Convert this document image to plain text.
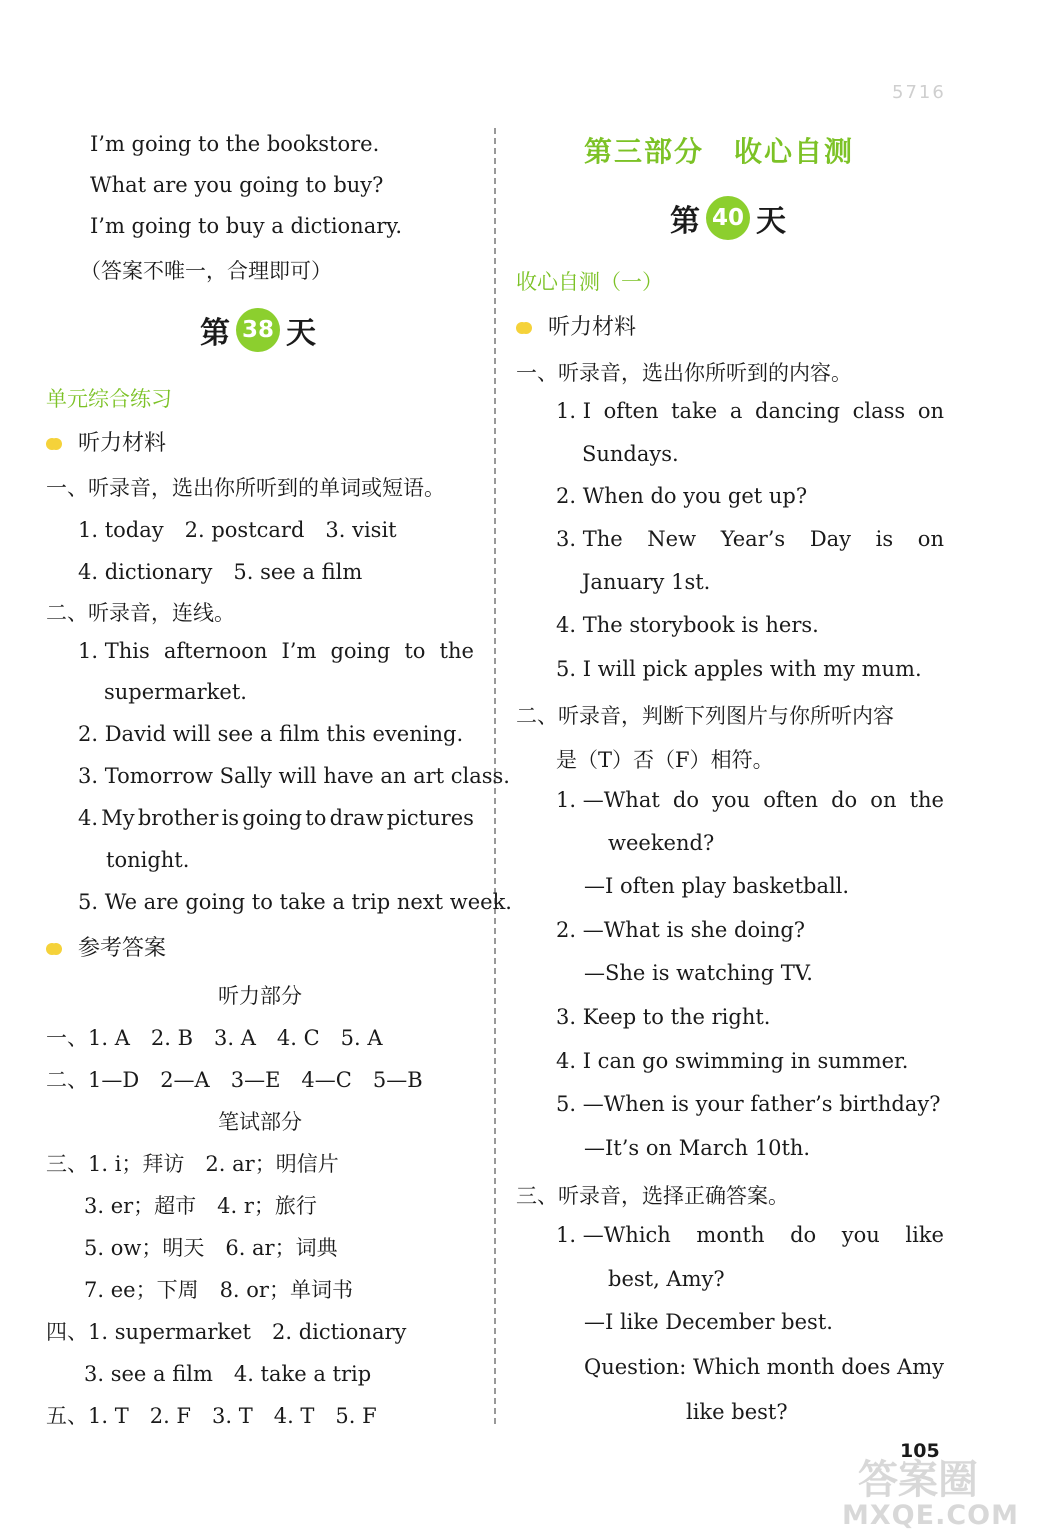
5716
I’m going to the bookstore.
What are you going to buy?
I’m going to buy a dictionary.
（答案不唯一，合理即可）
第 38 天
单元综合练习
听力材料
一、听录音，选出你所听到的单词或短语。
1. today　2. postcard　3. visit
4. dictionary　5. see a film
二、听录音，连线。
1. This afternoon I’m going to the
supermarket.
2. David will see a film this evening.
3. Tomorrow Sally will have an art class.
4. My brother is going to draw pictures
tonight.
5. We are going to take a trip next week.
参考答案
听力部分
一、1. A　2. B　3. A　4. C　5. A
二、1—D　2—A　3—E　4—C　5—B
笔试部分
三、1. i；拜访　2. ar；明信片
3. er；超市　4. r；旅行
5. ow；明天　6. ar；词典
7. ee；下周　8. or；单词书
四、1. supermarket　2. dictionary
3. see a film　4. take a trip
五、1. T　2. F　3. T　4. T　5. F
第三部分　收心自测
第 40 天
收心自测（一）
听力材料
一、听录音，选出你所听到的内容。
1. I often take a dancing class on
Sundays.
2. When do you get up?
3. The New Year’s Day is on
January 1st.
4. The storybook is hers.
5. I will pick apples with my mum.
二、听录音，判断下列图片与你所听内容
是（T）否（F）相符。
1. —What do you often do on the
weekend?
—I often play basketball.
2. —What is she doing?
—She is watching TV.
3. Keep to the right.
4. I can go swimming in summer.
5. —When is your father’s birthday?
—It’s on March 10th.
三、听录音，选择正确答案。
1. —Which month do you like
best, Amy?
—I like December best.
Question: Which month does Amy
like best?
105
答案圈
MXQE.COM
